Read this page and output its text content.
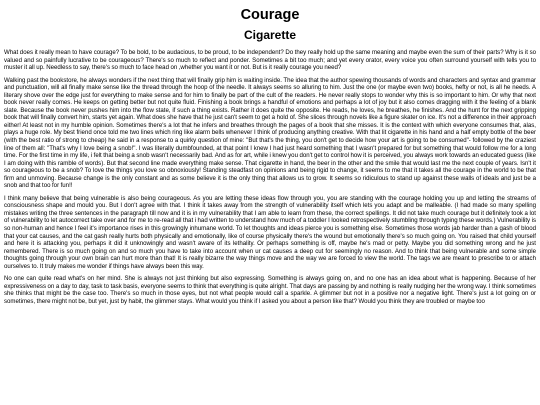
Courage
Cigarette

What does it really mean to have courage? To be bold, to be audacious, to be proud, to be independent? Do they really hold up the same meaning and maybe even the sum of their parts? Why is it so valued and so painfully lucrative to be courageous? There's so much to reflect and ponder. Sometimes a bit too much; and yet every orator, every voice you often surround yourself with tells you to muster it all up. Needless to say, there's so much to face head on ,whether you want it or not. But is it really courage you need?

Walking past the bookstore, he always wonders if the next thing that will finally grip him is waiting inside. The idea that the author spewing thousands of words and characters and syntax and grammar and punctuation, will all finally make sense like the thread through the hoop of the needle. It always seems so alluring to him. Just the one (or maybe even two) books, hefty or not, is all he needs. A literary shove over the edge just for everything to make sense and for him to finally be part of the cult of the readers. He never really stops to wonder why this is so important to him. Or why that next book never really comes. He keeps on getting better but not quite fluid. Finishing a book brings a handful of emotions and perhaps a lot of joy but it also comes dragging with it the feeling of a blank slate. Because the book never pushes him into the flow state, if such a thing exists. Rather it does quite the opposite. He reads, he loves, he breathes, he finishes. And the hunt for the next gripping book that will finally convert him, starts yet again. What does she have that he just can't seem to get a hold of. She slices through novels like a figure skater on ice. It's not a difference in their approach either! At least not in my humble opinion. Sometimes there's a lot that he infers and breathes through the pages of a book that she misses. It is the context with which everyone consumes that, alas, plays a huge role. My best friend once told me two lines which ring like alarm bells whenever I think of producing anything creative. With that lit cigarette in his hand and a half empty bottle of the beer (with the best ratio of strong to cheap) he said in a response to a quirky question of mine: "But that's the thing, you don't get to decide how your art is going to be consumed"- followed by the craziest line of them all: "That's why I love being a snob!". I was literally dumbfounded, at that point I knew I had just heard something that I wasn't prepared for but something that would follow me for a long time. For the first time in my life, i felt that being a snob wasn't necessarily bad. And as for art, while i knew you don't get to control how it is perceived, you always work towards an educated guess (like I am doing with this ramble of words). But that second line made everything make sense. That cigarette in hand, the beer in the other and the smile that would last me the next couple of years. Isn't it so courageous to be a snob? To love the things you love so obnoxiously! Standing steadfast on opinions and being rigid to change, it seems to me that it takes all the courage in the world to be that firm and unmoving. Because change is the only constant and as some believe it is the only thing that allows us to grow. It seems so ridiculous to stand up against these walls of ideals and just be a snob and that too for fun!!

I think many believe that being vulnerable is also being courageous. As you are letting these ideas flow through you, you are standing with the courage holding you up and letting the streams of consciousness shape and mould you. But I don't agree with that. I think it takes away from the strength of vulnerability itself which lets you adapt and be malleable. (I had made so many spelling mistakes writing the three sentences in the paragraph till now and it is in my vulnerability that I am able to learn from these, the correct spellings. It did not take much courage but it definitely took a lot of vulnerability to let autocorrect take over and for me to re-read all that i had written to understand how much of a toddler I looked retrospectively stumbling through typing these words.) Vulnerability is so non-human and hence I feel it's importance rises in this growingly inhumane world. To let thoughts and ideas pierce you is something else. Sometimes those words jab harder than a gash of blood that your cat causes, and the cat gash really hurts both physically and emotionally, like of course physically there's the wound but emotionally there's so much going on. You raised that child yourself and here it is attacking you, perhaps it did it unknowingly and wasn't aware of its lethality. Or perhaps something is off, maybe he's mad or petty. Maybe you did something wrong and he just remembered. There is so much going on and so much you have to take into account when ur cat causes a deep cut for seemingly no reason. And to think that being vulnerable and some simple thoughts going through your own brain can hurt more than that! It is really bizarre the way things move and the way we are forced to view the world. The tags we are meant to prescribe to or attach ourselves to. It truly makes me wonder if things have always been this way.

No one can quite read what's on her mind. She is always not just thinking but also expressing. Something is always going on, and no one has an idea about what is happening. Because of her expressiveness on a day to day, task to task basis, everyone seems to think that everything is quite alright. That days are passing by and nothing is really nudging her the wrong way. I think sometimes she thinks that might be the case too. There's so much in those eyes, but not what people would call a sparkle. A glimmer but not in a positive nor a negative light. There's just a lot going on or sometimes, there might not be, but yet, just by habit, the glimmer stays. What would you think if I asked you about a person like that? Would you think they are troubled or maybe too
